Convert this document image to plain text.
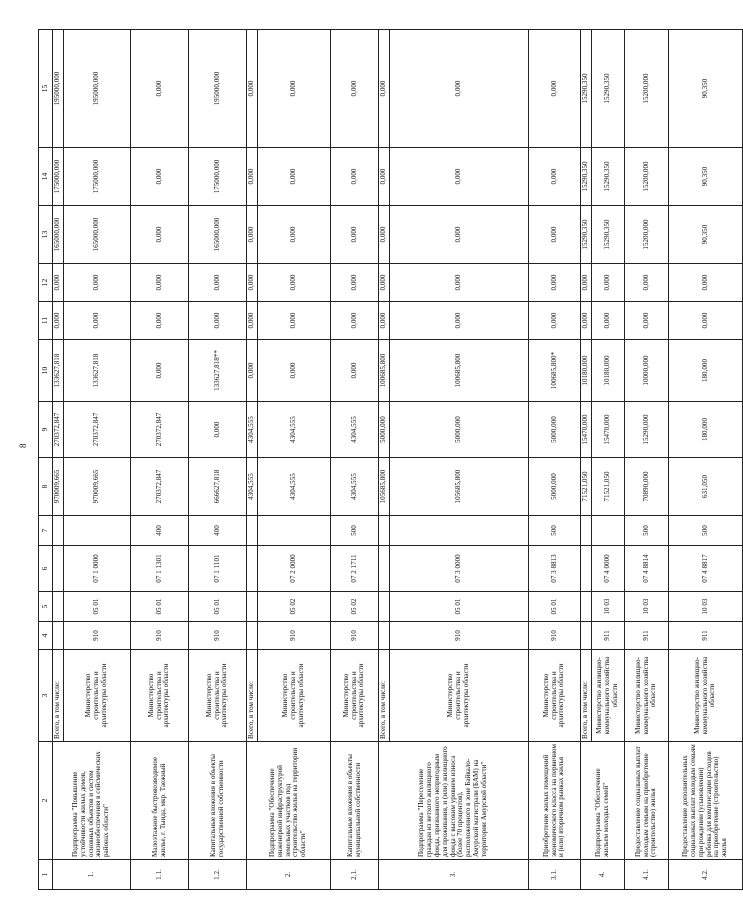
8
1	2	3	4	5	6	7	8	9	10	11	12	13	14	15
1.	Подпрограмма "Повышение устойчивости жилых домов, основных объектов и систем жизнеобеспечения в сейсмических районах области"	Всего, в том числе:					970009,665	270372,847	133627,818	0,000	0,000	165000,000	175000,000	195000,000
		Министерство строительства и архитектуры области	910	05 01	07 1 0000		970009,665	270372,847	133627,818	0,000	0,000	165000,000	175000,000	195000,000
1.1.	Малоэтажное быстровозводимое жилье, г. Тында, мкр. Таежный	Министерство строительства и архитектуры области	910	05 01	07 1 1301	400	270372,847	270372,847	0,000	0,000	0,000	0,000	0,000	0,000
1.2.	Капитальные вложения в объекты государственной собственности	Министерство строительства и архитектуры области	910	05 01	07 1 1101	400	666627,818	0,000	133627,818**	0,000	0,000	165000,000	175000,000	195000,000
2.	Подпрограмма "Обеспечение инженерной инфраструктурой земельных участков под строительство жилья на территории области"	Всего, в том числе:					4304,555	4304,555	0,000	0,000	0,000	0,000	0,000	0,000
		Министерство строительства и архитектуры области	910	05 02	07 2 0000		4304,555	4304,555	0,000	0,000	0,000	0,000	0,000	0,000
2.1.	Капитальные вложения в объекты муниципальной собственности	Министерство строительства и архитектуры области	910	05 02	07 2 1711	500	4304,555	4304,555	0,000	0,000	0,000	0,000	0,000	0,000
3.	Подпрограмма "Переселение граждан из ветхого жилищного фонда, признанного непригодным для проживания, и (или) жилищного фонда с высоким уровнем износа (более 70 процентов), расположенного в зоне Байкало-Амурской магистрали (БАМ) на территории Амурской области"	Всего, в том числе:					105685,800	5000,000	100685,800	0,000	0,000	0,000	0,000	0,000
		Министерство строительства и архитектуры области	910	05 01	07 3 0000		105685,800	5000,000	100685,800	0,000	0,000	0,000	0,000	0,000
3.1.	Приобретение жилых помещений экономического класса на первичном и (или) вторичном рынках жилья	Министерство строительства и архитектуры области	910	05 01	07 3 8813	500	5000,000	5000,000	100685,800*	0,000	0,000	0,000	0,000	0,000
4.	Подпрограмма "Обеспечение жильем молодых семей"	Всего, в том числе:					71521,050	15470,000	10180,000	0,000	0,000	15290,350	15290,350	15290,350
		Министерство жилищно-коммунального хозяйства области	911	10 03	07 4 0000		71521,050	15470,000	10180,000	0,000	0,000	15290,350	15290,350	15290,350
4.1.	Предоставление социальных выплат молодым семьям на приобретение (строительство) жилья	Министерство жилищно-коммунального хозяйства области	911	10 03	07 4 8814	500	70890,000	15290,000	10000,000	0,000	0,000	15200,000	15200,000	15200,000
4.2.	Предоставление дополнительных социальных выплат молодым семьям при рождении (усыновлении) ребенка для компенсации расходов на приобретение (строительство) жилья	Министерство жилищно-коммунального хозяйства области	911	10 03	07 4 8817	500	631,050	180,000	180,000	0,000	0,000	90,350	90,350	90,350
